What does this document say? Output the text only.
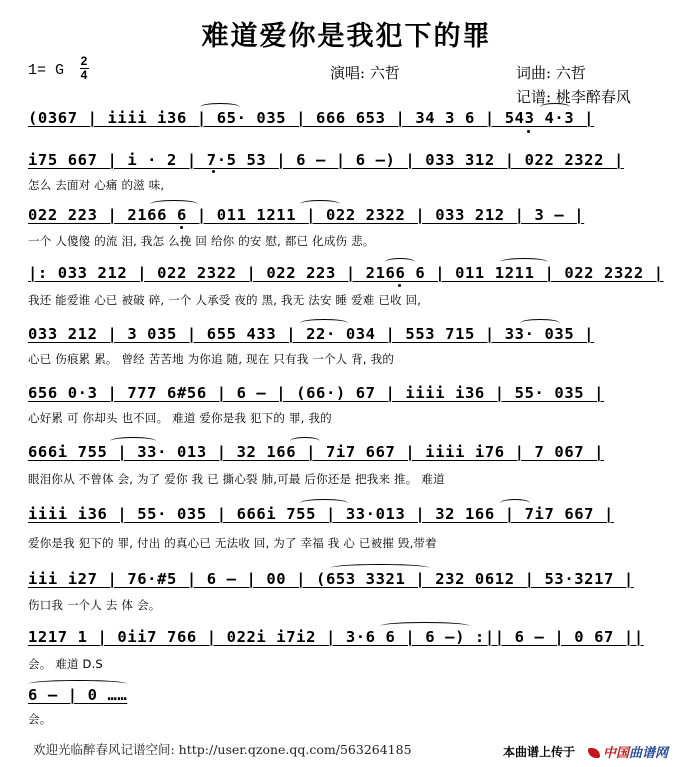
难道爱你是我犯下的罪
1= G
2
4	演唱: 六哲	词曲: 六哲
记谱: 桃李醉春风
(0367 | iiii i36 | 65· 035 | 666 653 | 34 3 6 | 543 4·3 |
i75 667 | i · 2 | 7·5 53 | 6 – | 6 –) | 033 312 | 022 2322 |
怎么 去面对 心痛 的滋 味,
022 223 | 2166 6 | 011 1211 | 022 2322 | 033 212 | 3 – |
一个 人傻傻 的流 泪, 我怎 么挽 回 给你 的安 慰, 都已 化成伤 悲。
|: 033 212 | 022 2322 | 022 223 | 2166 6 | 011 1211 | 022 2322 |
我还 能爱谁 心已 被破 碎, 一个 人承受 夜的 黑, 我无 法安 睡 爱难 已收 回,
033 212 | 3 035 | 655 433 | 22· 034 | 553 715 | 33· 035 |
心已 伤痕累 累。 曾经 苦苦地 为你追 随, 现在 只有我 一个人 背, 我的
656 0·3 | 777 6#56 | 6 – | (66·) 67 | iiii i36 | 55· 035 |
心好累 可 你却头 也不回。 难道 爱你是我 犯下的 罪, 我的
666i 755 | 33· 013 | 32 166 | 7i7 667 | iiii i76 | 7 067 |
眼泪你从 不曾体 会, 为了 爱你 我 已 撕心裂 肺,可最 后你还是 把我来 推。 难道
iiii i36 | 55· 035 | 666i 755 | 33·013 | 32 166 | 7i7 667 |
爱你是我 犯下的 罪, 付出 的真心已 无法收 回, 为了 幸福 我 心 已被摧 毁,带着
iii i27 | 76·#5 | 6 – | 00 | (653 3321 | 232 0612 | 53·3217 |
伤口我 一个人 去 体 会。
1217 1 | 0ii7 766 | 022i i7i2 | 3·6 6 | 6 –) :|| 6 – | 0 67 ||
会。 难道 D.S
6 – | 0 ……
会。
欢迎光临醉春风记谱空间: http://user.qzone.qq.com/563264185	本曲谱上传于	中国曲谱网
